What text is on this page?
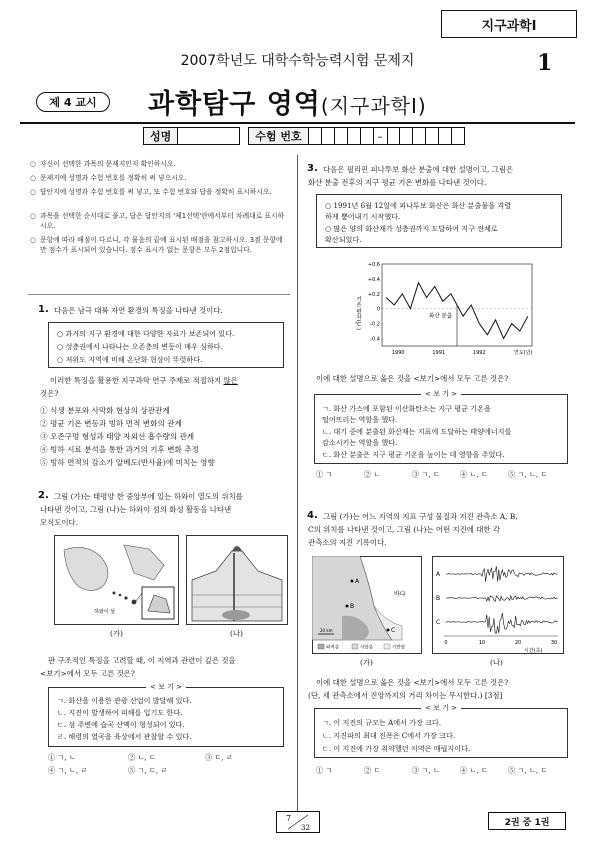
지구과학Ⅰ
2007학년도 대학수학능력시험 문제지	1
제 4 교시	과학탐구 영역(지구과학Ⅰ)
성명	수험 번호	–
○ 자신이 선택한 과목의 문제지인지 확인하시오.
○ 문제지에 성명과 수험 번호를 정확히 써 넣으시오.
○ 답안지에 성명과 수험 번호를 써 넣고, 또 수험 번호와 답을 정확히 표시하시오.
○ 과목을 선택한 순서대로 풀고, 답은 답안지의 '제1선택'란에서부터 차례대로 표시하시오.
○ 문항에 따라 배점이 다르니, 각 물음의 끝에 표시된 배점을 참고하시오. 3점 문항에만 점수가 표시되어 있습니다. 점수 표시가 없는 문항은 모두 2점입니다.
1. 다음은 남극 대륙 자연 환경의 특징을 나타낸 것이다.
○ 과거의 지구 환경에 대한 다양한 자료가 보존되어 있다.
○ 성층권에서 나타나는 오존층의 변동이 매우 심하다.
○ 저위도 지역에 비해 온난화 현상이 뚜렷하다.
이러한 특징을 활용한 지구과학 연구 주제로 적절하지 않은
것은?
① 식생 분포와 사막화 현상의 상관관계
② 평균 기온 변동과 빙하 면적 변화의 관계
③ 오존구멍 형성과 태양 자외선 흡수량의 관계
④ 빙하 시료 분석을 통한 과거의 기후 변화 추정
⑤ 빙하 면적의 감소가 알베도(반사율)에 미치는 영향
2. 그림 (가)는 태평양 한 중앙부에 있는 하와이 열도의 위치를
나타낸 것이고, 그림 (나)는 하와이 섬의 화성 활동을 나타낸
모식도이다.
하와이 섬
(가)	(나)
판 구조적인 특징을 고려할 때, 이 지역과 관련이 깊은 것을
<보기>에서 모두 고른 것은?
< 보 기 >
ㄱ. 화산을 이용한 관광 산업이 발달해 있다.
ㄴ. 지진이 발생하여 피해를 입기도 한다.
ㄷ. 섬 주변에 습곡 산맥이 형성되어 있다.
ㄹ. 해령의 열곡을 육상에서 관찰할 수 있다.
① ㄱ, ㄴ	② ㄴ, ㄷ	③ ㄷ, ㄹ
④ ㄱ, ㄴ, ㄹ	⑤ ㄱ, ㄷ, ㄹ
3. 다음은 필리핀 피나투보 화산 분출에 대한 설명이고, 그림은
화산 분출 전후의 지구 평균 기온 변화를 나타낸 것이다.
○ 1991년 6월 12일에 피나투보 화산은 화산 분출물을 격렬
하게 뿜어내기 시작했다.
○ 많은 양의 화산재가 성층권까지 도달하여 지구 전체로
확산되었다.
기온 편차(℃)
+0.6
+0.4
+0.2
0
-0.2
-0.4
1990	1991	1992
화산 분출
연도(년)
이에 대한 설명으로 옳은 것을 <보기>에서 모두 고른 것은?
< 보 기 >
ㄱ. 화산 가스에 포함된 이산화탄소는 지구 평균 기온을
떨어뜨리는 역할을 했다.
ㄴ. 대기 중에 분출된 화산재는 지표에 도달하는 태양에너지를
감소시키는 역할을 했다.
ㄷ. 화산 분출은 지구 평균 기온을 높이는 데 영향을 주었다.
① ㄱ	② ㄴ	③ ㄱ, ㄷ	④ ㄴ, ㄷ	⑤ ㄱ, ㄴ, ㄷ
4. 그림 (가)는 어느 지역의 지표 구성 물질과 지진 관측소 A, B,
C의 위치를 나타낸 것이고, 그림 (나)는 어떤 지진에 대한 각
관측소의 지진 기록이다.
A
B
C
바다
20 km
퇴적층	사암층	기반암
A
B
C
0	10	20	30
시간(초)
(가)	(나)
이에 대한 설명으로 옳은 것을 <보기>에서 모두 고른 것은?
(단, 세 관측소에서 진앙까지의 거리 차이는 무시한다.) [3점]
< 보 기 >
ㄱ. 이 지진의 규모는 A에서 가장 크다.
ㄴ. 지진파의 최대 진폭은 C에서 가장 크다.
ㄷ. 이 지진에 가장 취약했던 지역은 매립지이다.
① ㄱ	② ㄷ	③ ㄱ, ㄴ	④ ㄴ, ㄷ	⑤ ㄱ, ㄴ, ㄷ
7
32
2권 중 1권
